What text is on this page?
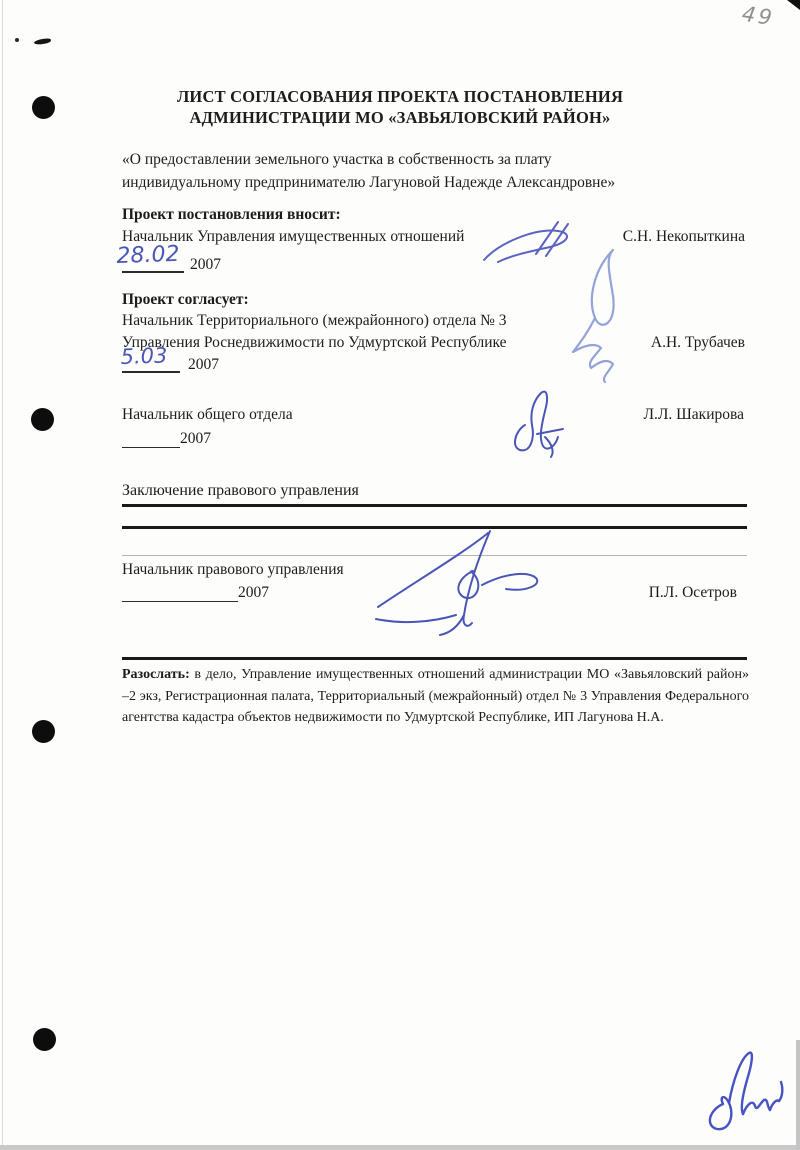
49
ЛИСТ СОГЛАСОВАНИЯ ПРОЕКТА ПОСТАНОВЛЕНИЯ
АДМИНИСТРАЦИИ МО «ЗАВЬЯЛОВСКИЙ РАЙОН»
«О предоставлении земельного участка в собственность за плату
индивидуальному предпринимателю Лагуновой Надежде Александровне»
Проект постановления вносит:
Начальник Управления имущественных отношений	С.Н. Некопыткина
28.02 2007
Проект согласует:
Начальник Территориального (межрайонного) отдела № 3
Управления Роснедвижимости по Удмуртской Республике	А.Н. Трубачев
5.03 2007
Начальник общего отдела	Л.Л. Шакирова
2007
Заключение правового управления
Начальник правового управления
2007	П.Л. Осетров
Разослать: в дело, Управление имущественных отношений администрации МО «Завьяловский район» –2 экз, Регистрационная палата, Территориальный (межрайонный) отдел № 3 Управления Федерального агентства кадастра объектов недвижимости по Удмуртской Республике, ИП Лагунова Н.А.
